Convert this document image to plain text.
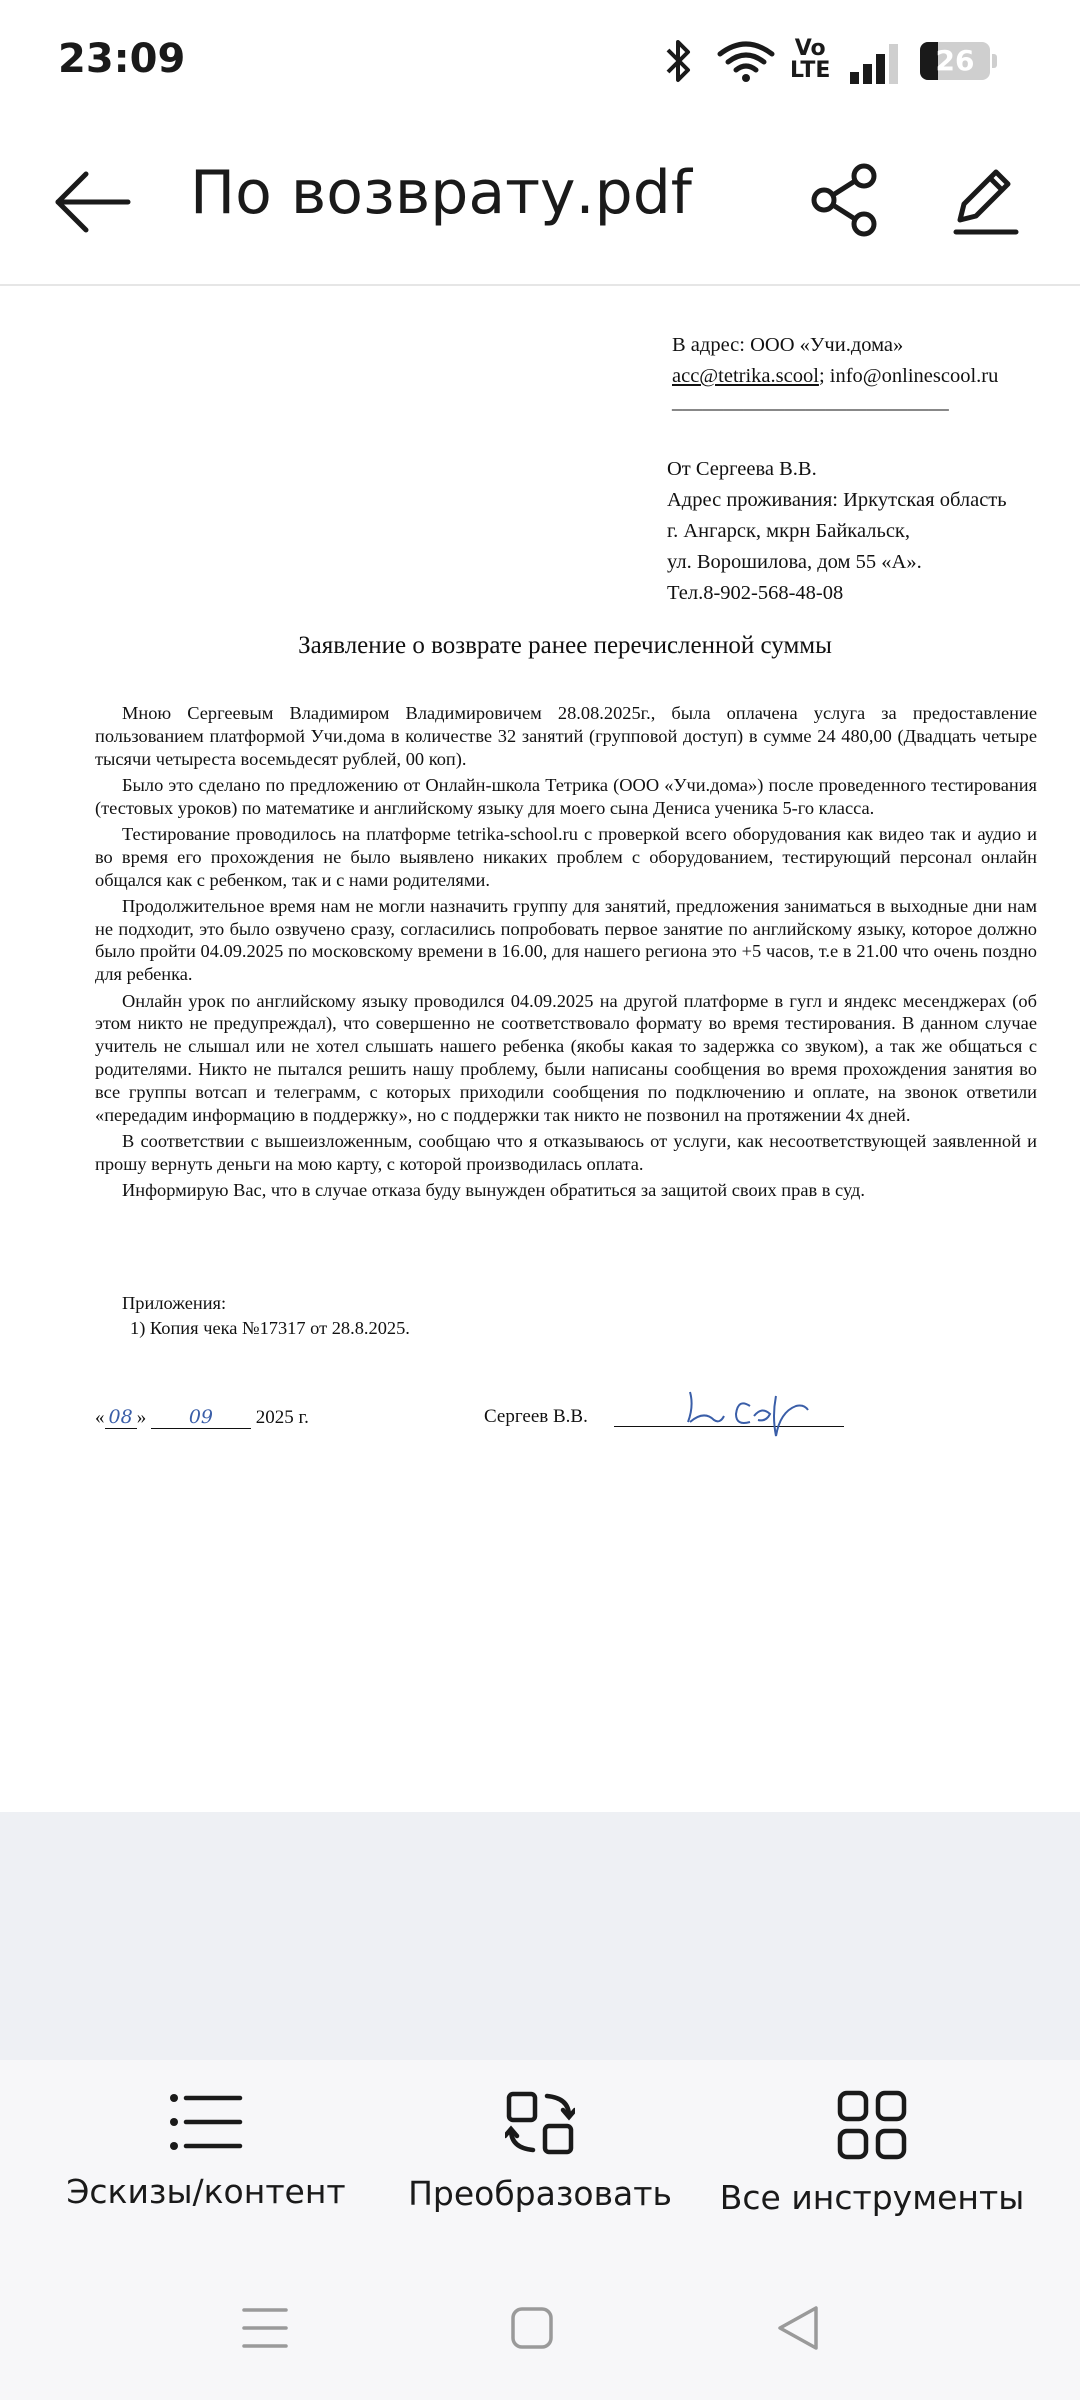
23:09	Vo
LTE	26
По возврату.pdf
В адрес: ООО «Учи.дома»
acc@tetrika.scool; info@onlinescool.ru
___________________________
От Сергеева В.В.
Адрес проживания: Иркутская область
г. Ангарск, мкрн Байкальск,
ул. Ворошилова, дом 55 «А».
Тел.8-902-568-48-08
Заявление о возврате ранее перечисленной суммы

Мною Сергеевым Владимиром Владимировичем 28.08.2025г., была оплачена услуга за предоставление пользованием платформой Учи.дома в количестве 32 занятий (групповой доступ) в сумме 24 480,00 (Двадцать четыре тысячи четыреста восемьдесят рублей, 00 коп).

Было это сделано по предложению от Онлайн-школа Тетрика (ООО «Учи.дома») после проведенного тестирования (тестовых уроков) по математике и английскому языку для моего сына Дениса ученика 5-го класса.

Тестирование проводилось на платформе tetrika-school.ru с проверкой всего оборудования как видео так и аудио и во время его прохождения не было выявлено никаких проблем с оборудованием, тестирующий персонал онлайн общался как с ребенком, так и с нами родителями.

Продолжительное время нам не могли назначить группу для занятий, предложения заниматься в выходные дни нам не подходит, это было озвучено сразу, согласились попробовать первое занятие по английскому языку, которое должно было пройти 04.09.2025 по московскому времени в 16.00, для нашего региона это +5 часов, т.е в 21.00 что очень поздно для ребенка.

Онлайн урок по английскому языку проводился 04.09.2025 на другой платформе в гугл и яндекс месенджерах (об этом никто не предупреждал), что совершенно не соответствовало формату во время тестирования. В данном случае учитель не слышал или не хотел слышать нашего ребенка (якобы какая то задержка со звуком), а так же общаться с родителями. Никто не пытался решить нашу проблему, были написаны сообщения во время прохождения занятия во все группы вотсап и телеграмм, с которых приходили сообщения по подключению и оплате, на звонок ответили «передадим информацию в поддержку», но с поддержки так никто не позвонил на протяжении 4х дней.

В соответствии с вышеизложенным, сообщаю что я отказываюсь от услуги, как несоответствующей заявленной и прошу вернуть деньги на мою карту, с которой производилась оплата.

Информирую Вас, что в случае отказа буду вынужден обратиться за защитой своих прав в суд.

Приложения:
1) Копия чека №17317 от 28.8.2025.
« 08 » 09 2025 г.	Сергеев В.В.
Эскизы/контент	Преобразовать	Все инструменты
